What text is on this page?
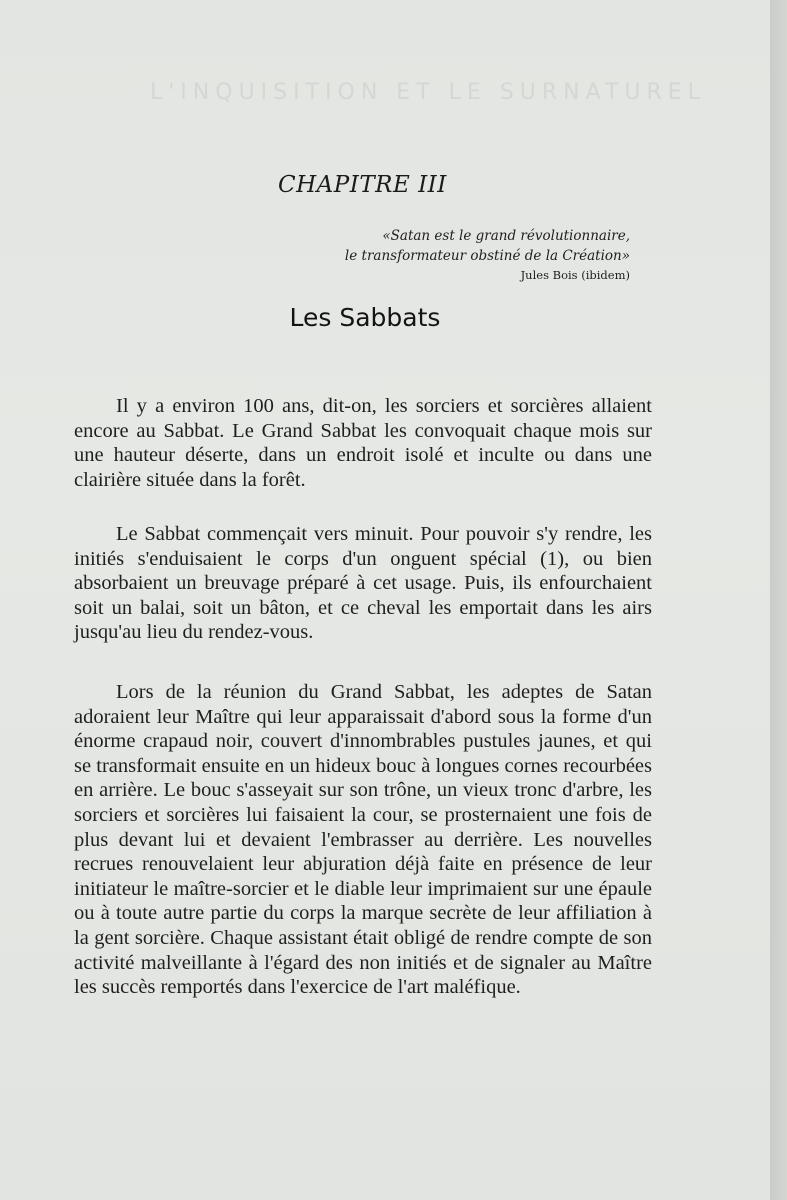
L'INQUISITION ET LE SURNATUREL
CHAPITRE III
«Satan est le grand révolutionnaire,
le transformateur obstiné de la Création»
Jules Bois (ibidem)
Les Sabbats

Il y a environ 100 ans, dit-on, les sorciers et sorcières allaient encore au Sabbat. Le Grand Sabbat les convoquait chaque mois sur une hauteur déserte, dans un endroit isolé et inculte ou dans une clairière située dans la forêt.

Le Sabbat commençait vers minuit. Pour pouvoir s'y rendre, les initiés s'enduisaient le corps d'un onguent spécial (1), ou bien absorbaient un breuvage préparé à cet usage. Puis, ils enfourchaient soit un balai, soit un bâton, et ce cheval les emportait dans les airs jusqu'au lieu du rendez-vous.

Lors de la réunion du Grand Sabbat, les adeptes de Satan adoraient leur Maître qui leur apparaissait d'abord sous la forme d'un énorme crapaud noir, couvert d'innombrables pustules jaunes, et qui se transformait ensuite en un hideux bouc à longues cornes recourbées en arrière. Le bouc s'asseyait sur son trône, un vieux tronc d'arbre, les sorciers et sorcières lui faisaient la cour, se prosternaient une fois de plus devant lui et devaient l'embrasser au derrière. Les nouvelles recrues renouvelaient leur abjuration déjà faite en présence de leur initiateur le maître-sorcier et le diable leur imprimaient sur une épaule ou à toute autre partie du corps la marque secrète de leur affiliation à la gent sorcière. Chaque assistant était obligé de rendre compte de son activité malveillante à l'égard des non initiés et de signaler au Maître les succès remportés dans l'exercice de l'art maléfique.
